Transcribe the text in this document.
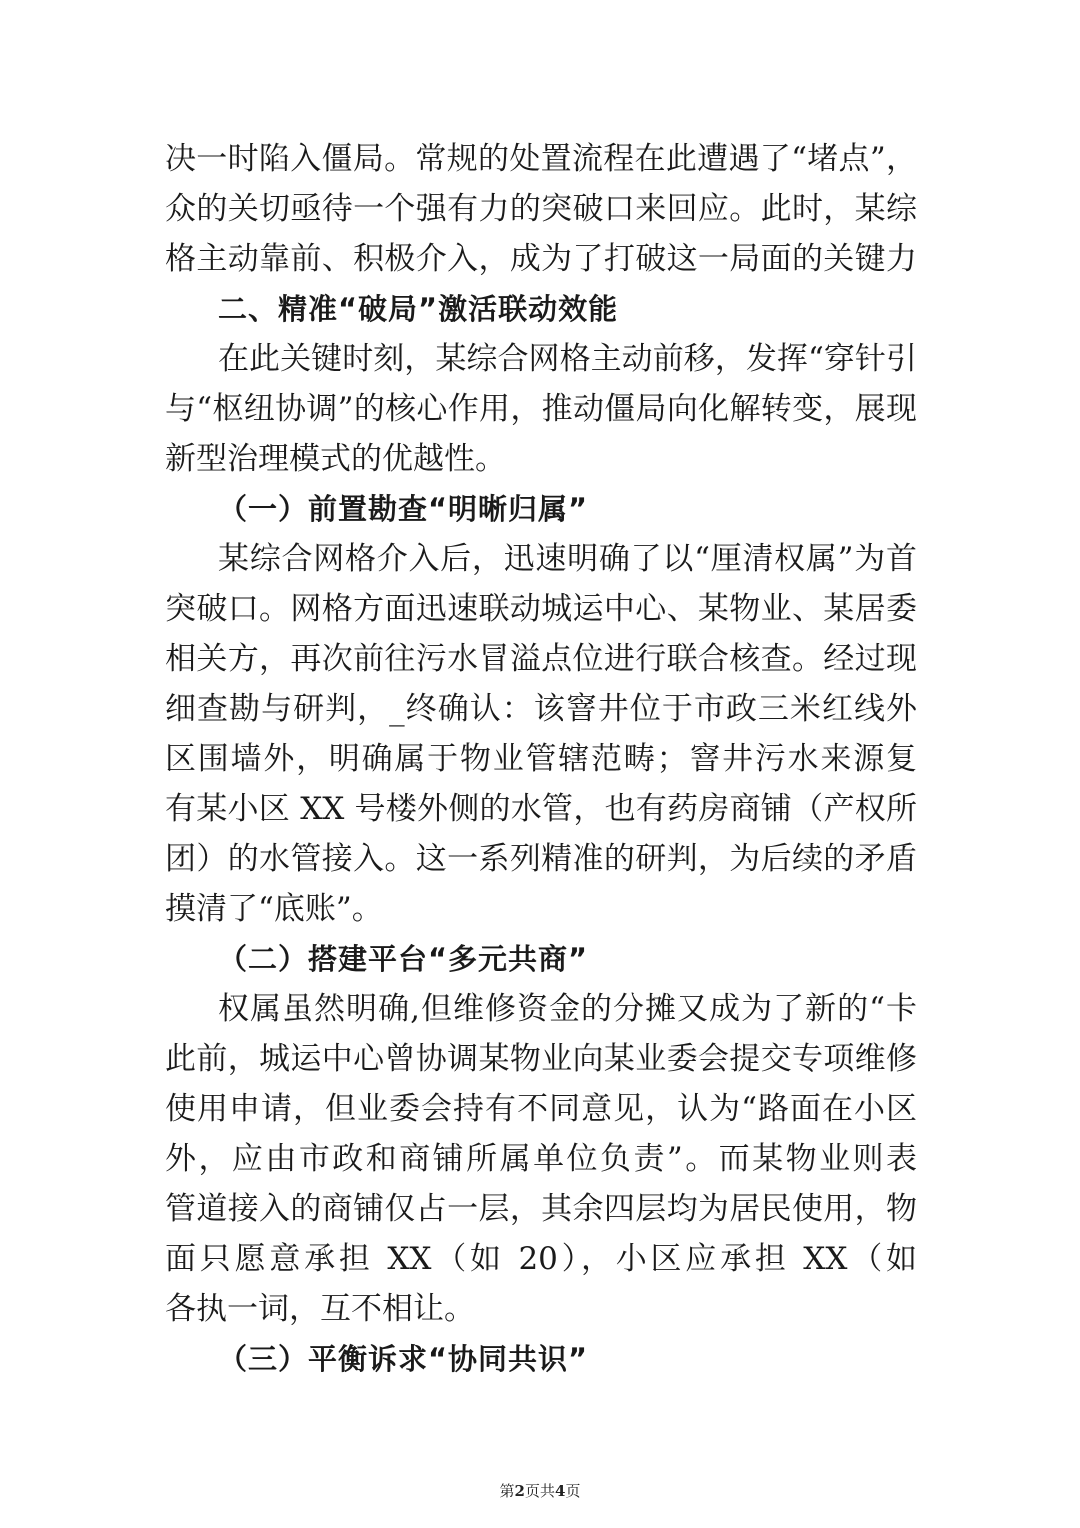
决一时陷入僵局。常规的处置流程在此遭遇了“堵点”，
众的关切亟待一个强有力的突破口来回应。此时，某综
格主动靠前、积极介入，成为了打破这一局面的关键力
二、精准“破局”激活联动效能
在此关键时刻，某综合网格主动前移，发挥“穿针引
与“枢纽协调”的核心作用，推动僵局向化解转变，展现
新型治理模式的优越性。
（一）前置勘查“明晰归属”
某综合网格介入后，迅速明确了以“厘清权属”为首
突破口。网格方面迅速联动城运中心、某物业、某居委
相关方，再次前往污水冒溢点位进行联合核查。经过现
细查勘与研判，_终确认：该窨井位于市政三米红线外
区围墙外，明确属于物业管辖范畴；窨井污水来源复
有某小区 XX 号楼外侧的水管，也有药房商铺（产权所
团）的水管接入。这一系列精准的研判，为后续的矛盾
摸清了“底账”。
（二）搭建平台“多元共商”
权属虽然明确,但维修资金的分摊又成为了新的“卡
此前，城运中心曾协调某物业向某业委会提交专项维修
使用申请，但业委会持有不同意见，认为“路面在小区
外，应由市政和商铺所属单位负责”。而某物业则表
管道接入的商铺仅占一层，其余四层均为居民使用，物
面只愿意承担 XX（如 20），小区应承担 XX（如
各执一词，互不相让。
（三）平衡诉求“协同共识”
第2页共4页
